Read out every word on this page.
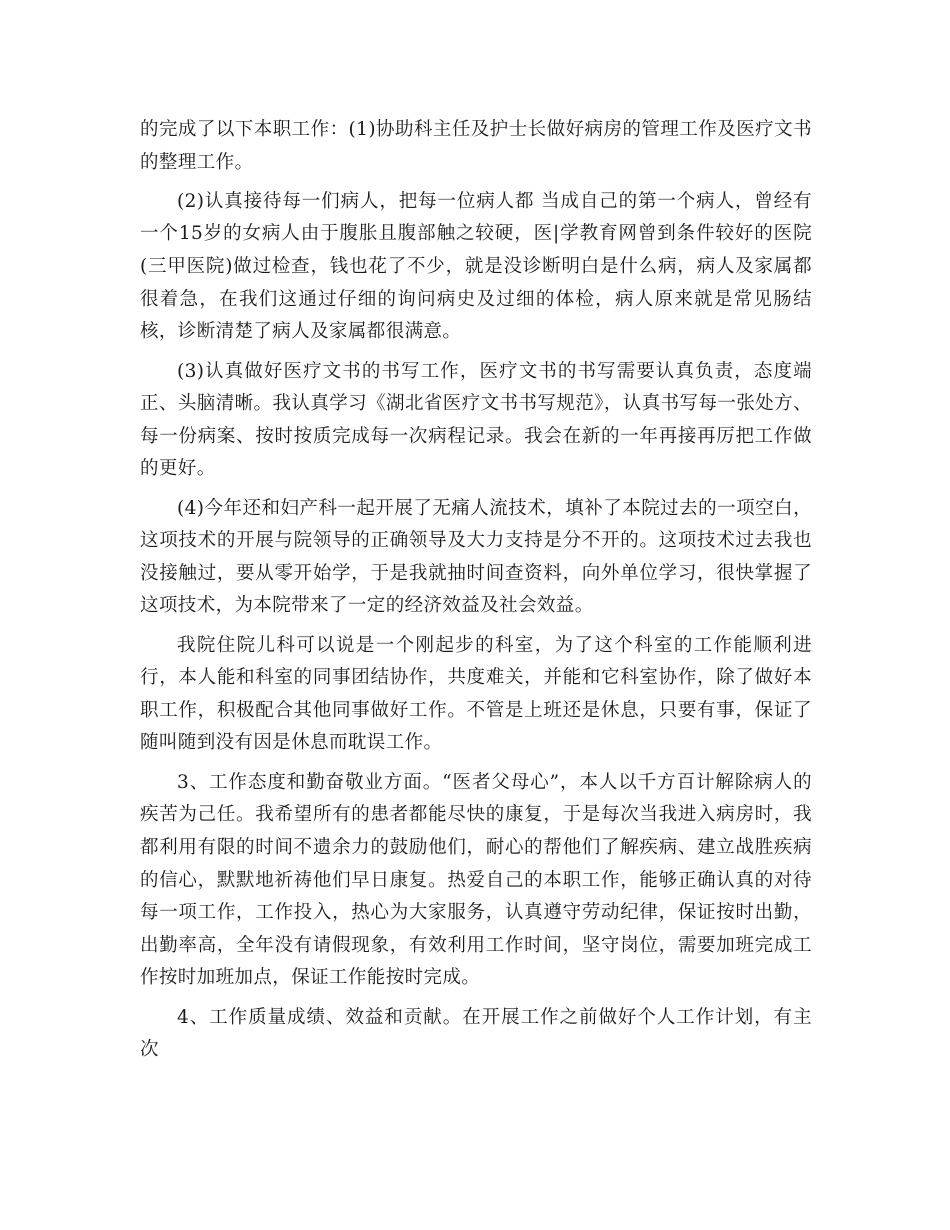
的完成了以下本职工作：(1)协助科主任及护士长做好病房的管理工作及医疗文书的整理工作。

(2)认真接待每一们病人，把每一位病人都 当成自己的第一个病人，曾经有一个15岁的女病人由于腹胀且腹部触之较硬，医|学教育网曾到条件较好的医院(三甲医院)做过检查，钱也花了不少，就是没诊断明白是什么病，病人及家属都很着急，在我们这通过仔细的询问病史及过细的体检，病人原来就是常见肠结核，诊断清楚了病人及家属都很满意。

(3)认真做好医疗文书的书写工作，医疗文书的书写需要认真负责，态度端正、头脑清晰。我认真学习《湖北省医疗文书书写规范》，认真书写每一张处方、每一份病案、按时按质完成每一次病程记录。我会在新的一年再接再厉把工作做的更好。

(4)今年还和妇产科一起开展了无痛人流技术，填补了本院过去的一项空白，这项技术的开展与院领导的正确领导及大力支持是分不开的。这项技术过去我也没接触过，要从零开始学，于是我就抽时间查资料，向外单位学习，很快掌握了这项技术，为本院带来了一定的经济效益及社会效益。

我院住院儿科可以说是一个刚起步的科室，为了这个科室的工作能顺利进行，本人能和科室的同事团结协作，共度难关，并能和它科室协作，除了做好本职工作，积极配合其他同事做好工作。不管是上班还是休息，只要有事，保证了随叫随到没有因是休息而耽误工作。

3、工作态度和勤奋敬业方面。“医者父母心”，本人以千方百计解除病人的疾苦为己任。我希望所有的患者都能尽快的康复，于是每次当我进入病房时，我都利用有限的时间不遗余力的鼓励他们，耐心的帮他们了解疾病、建立战胜疾病的信心，默默地祈祷他们早日康复。热爱自己的本职工作，能够正确认真的对待每一项工作，工作投入，热心为大家服务，认真遵守劳动纪律，保证按时出勤，出勤率高，全年没有请假现象，有效利用工作时间，坚守岗位，需要加班完成工作按时加班加点，保证工作能按时完成。

4、工作质量成绩、效益和贡献。在开展工作之前做好个人工作计划，有主次
